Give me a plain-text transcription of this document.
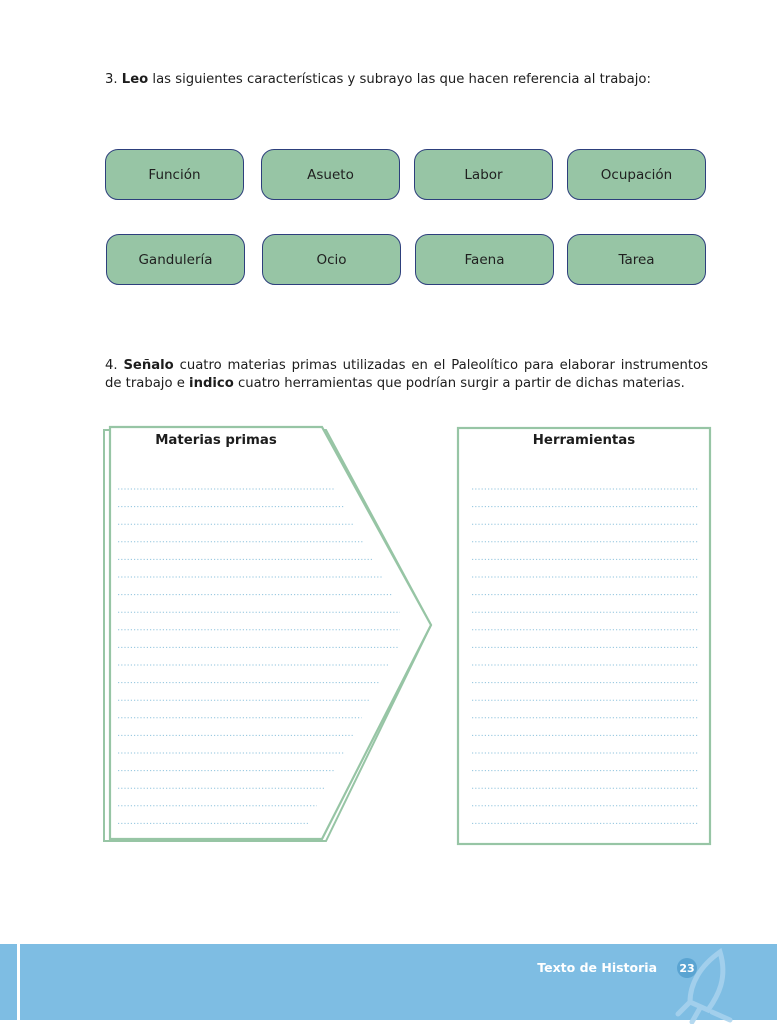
3. Leo las siguientes características y subrayo las que hacen referencia al trabajo:
Función	Asueto	Labor	Ocupación
Gandulería	Ocio	Faena	Tarea
4. Señalo cuatro materias primas utilizadas en el Paleolítico para elaborar instrumentos de trabajo e indico cuatro herramientas que podrían surgir a partir de dichas materias.
Materias primas	Herramientas
Texto de Historia 23
